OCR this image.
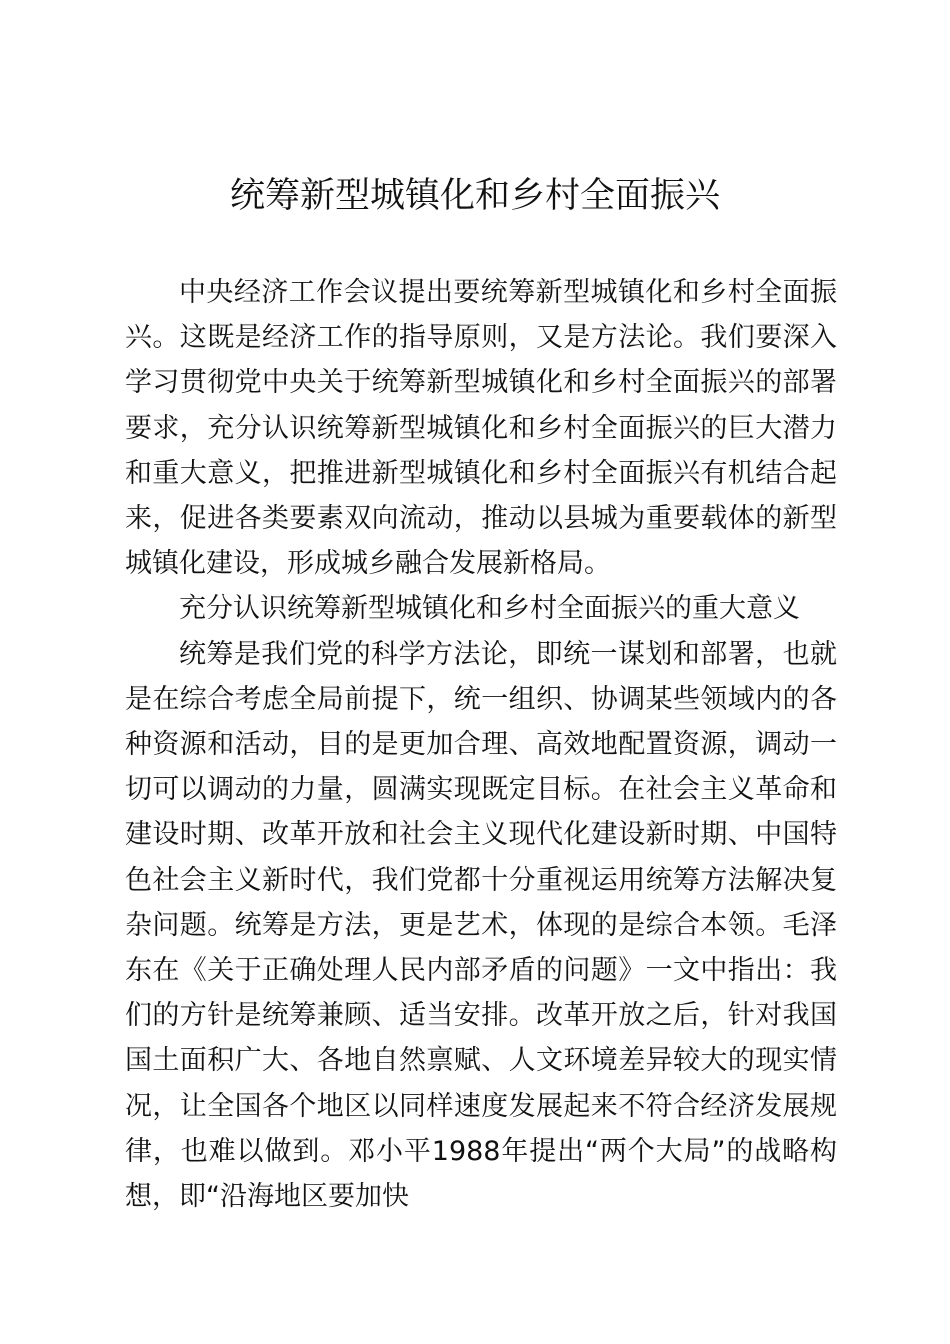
统筹新型城镇化和乡村全面振兴

中央经济工作会议提出要统筹新型城镇化和乡村全面振兴。这既是经济工作的指导原则，又是方法论。我们要深入学习贯彻党中央关于统筹新型城镇化和乡村全面振兴的部署要求，充分认识统筹新型城镇化和乡村全面振兴的巨大潜力和重大意义，把推进新型城镇化和乡村全面振兴有机结合起来，促进各类要素双向流动，推动以县城为重要载体的新型城镇化建设，形成城乡融合发展新格局。

充分认识统筹新型城镇化和乡村全面振兴的重大意义

统筹是我们党的科学方法论，即统一谋划和部署，也就是在综合考虑全局前提下，统一组织、协调某些领域内的各种资源和活动，目的是更加合理、高效地配置资源，调动一切可以调动的力量，圆满实现既定目标。在社会主义革命和建设时期、改革开放和社会主义现代化建设新时期、中国特色社会主义新时代，我们党都十分重视运用统筹方法解决复杂问题。统筹是方法，更是艺术，体现的是综合本领。毛泽东在《关于正确处理人民内部矛盾的问题》一文中指出：我们的方针是统筹兼顾、适当安排。改革开放之后，针对我国国土面积广大、各地自然禀赋、人文环境差异较大的现实情况，让全国各个地区以同样速度发展起来不符合经济发展规律，也难以做到。邓小平1988年提出“两个大局”的战略构想，即“沿海地区要加快
